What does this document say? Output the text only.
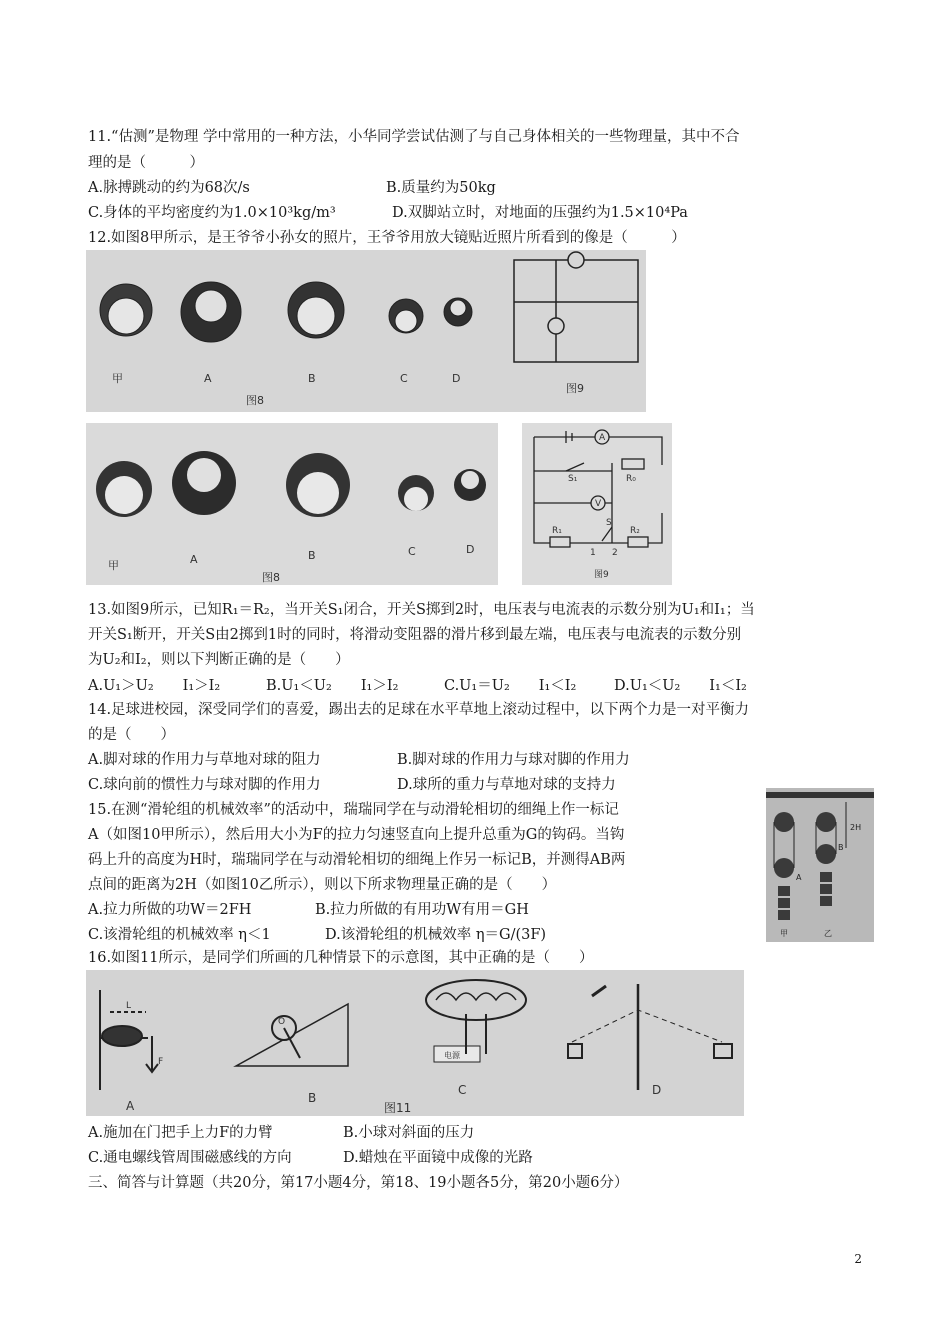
11.“估测”是物理 学中常用的一种方法，小华同学尝试估测了与自己身体相关的一些物理量，其中不合
理的是（　　　）
A.脉搏跳动的约为68次/s	B.质量约为50kg
C.身体的平均密度约为1.0×10³kg/m³	D.双脚站立时，对地面的压强约为1.5×10⁴Pa
12.如图8甲所示，是王爷爷小孙女的照片，王爷爷用放大镜贴近照片所看到的像是（　　　）
甲	A	B	C	D
图8
图9
甲	A	B	C	D
图8
A
V
S₁
S
R₀
R₁	R₂
1 2
图9
13.如图9所示，已知R₁＝R₂，当开关S₁闭合，开关S掷到2时，电压表与电流表的示数分别为U₁和I₁；当
开关S₁断开，开关S由2掷到1时的同时，将滑动变阻器的滑片移到最左端，电压表与电流表的示数分别
为U₂和I₂，则以下判断正确的是（　　）
A.U₁＞U₂　　I₁＞I₂	B.U₁＜U₂　　I₁＞I₂	C.U₁＝U₂　　I₁＜I₂	D.U₁＜U₂　　I₁＜I₂
14.足球进校园，深受同学们的喜爱，踢出去的足球在水平草地上滚动过程中，以下两个力是一对平衡力
的是（　　）
A.脚对球的作用力与草地对球的阻力	B.脚对球的作用力与球对脚的作用力
C.球向前的惯性力与球对脚的作用力	D.球所的重力与草地对球的支持力
15.在测“滑轮组的机械效率”的活动中，瑞瑞同学在与动滑轮相切的细绳上作一标记
A（如图10甲所示），然后用大小为F的拉力匀速竖直向上提升总重为G的钩码。当钩
码上升的高度为H时，瑞瑞同学在与动滑轮相切的细绳上作另一标记B，并测得AB两
点间的距离为2H（如图10乙所示），则以下所求物理量正确的是（　　）
A.拉力所做的功W＝2FH	B.拉力所做的有用功W有用＝GH
C.该滑轮组的机械效率 η＜1	D.该滑轮组的机械效率 η＝G/(3F)
2H
A
B
甲	乙
16.如图11所示，是同学们所画的几种情景下的示意图，其中正确的是（　　）
A
B
C	D
F
L
O
电源
图11
A.施加在门把手上力F的力臂	B.小球对斜面的压力
C.通电螺线管周围磁感线的方向	D.蜡烛在平面镜中成像的光路
三、简答与计算题（共20分，第17小题4分，第18、19小题各5分，第20小题6分）
2
